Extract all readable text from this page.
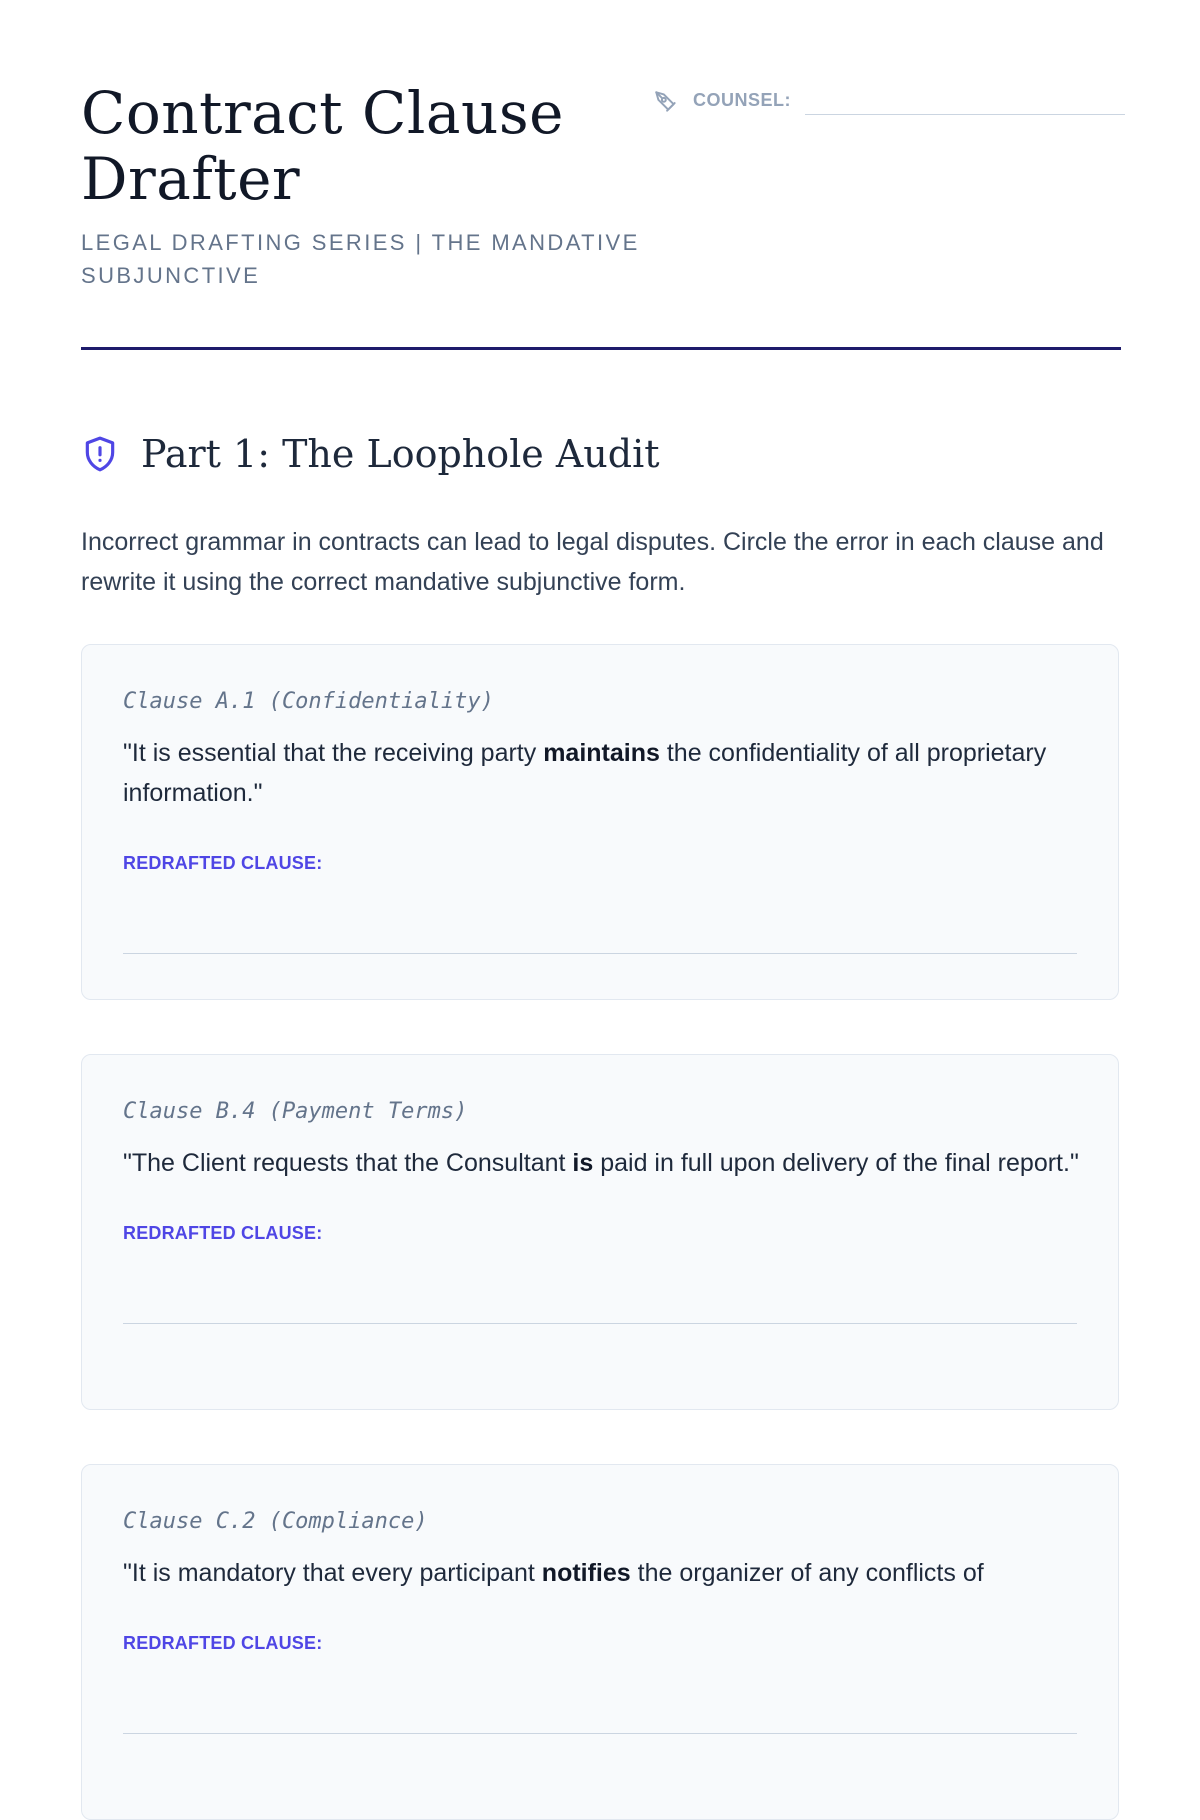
Contract Clause Drafter
LEGAL DRAFTING SERIES | THE MANDATIVE SUBJUNCTIVE
COUNSEL:
Part 1: The Loophole Audit

Incorrect grammar in contracts can lead to legal disputes. Circle the error in each clause and rewrite it using the correct mandative subjunctive form.

Clause A.1 (Confidentiality)
"It is essential that the receiving party maintains the confidentiality of all proprietary information."
REDRAFTED CLAUSE:
Clause B.4 (Payment Terms)
"The Client requests that the Consultant is paid in full upon delivery of the final report."
REDRAFTED CLAUSE:
Clause C.2 (Compliance)
"It is mandatory that every participant notifies the organizer of any conflicts of
REDRAFTED CLAUSE:
